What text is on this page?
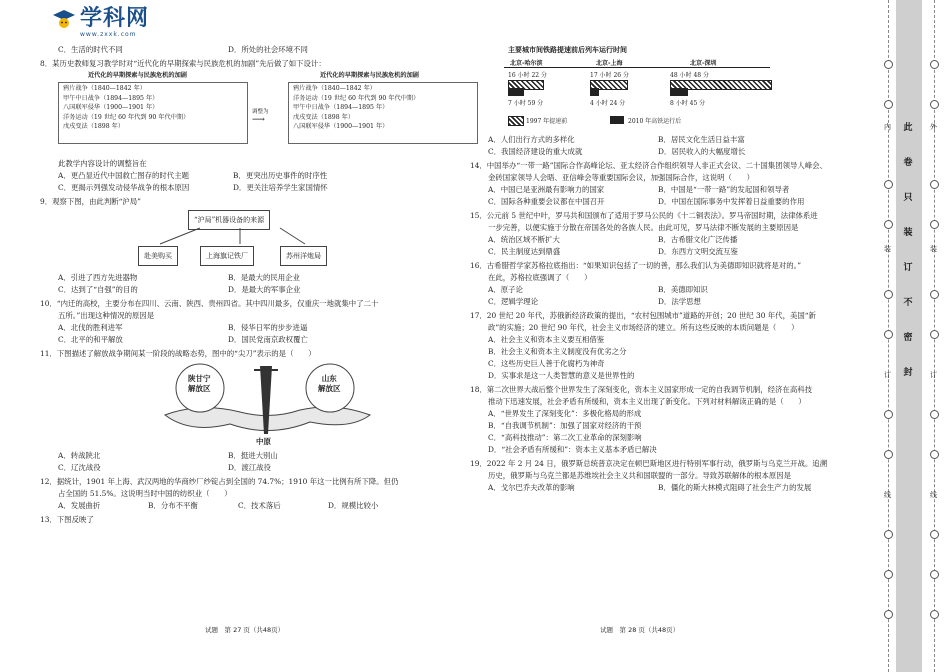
学科网
www.zxxk.com
C．生活的时代不同	D．所处的社会环境不同
8．某历史教师复习教学时对“近代化的早期探索与民族危机的加剧”先后做了如下设计：
近代化的早期探索与民族危机的加剧	近代化的早期探索与民族危机的加剧
鸦片战争（1840—1842 年）
甲午中日战争（1894—1895 年）
八国联军侵华（1900—1901 年）
洋务运动（19 世纪 60 年代到 90 年代中期）
戊戌变法（1898 年）
调整为
⟶
鸦片战争（1840—1842 年）
洋务运动（19 世纪 60 年代到 90 年代中期）
甲午中日战争（1894—1895 年）
戊戌变法（1898 年）
八国联军侵华（1900—1901 年）
此教学内容设计的调整旨在
A．更凸显近代中国救亡图存的时代主题	B．更突出历史事件的时序性
C．更揭示列强发动侵华战争的根本原因	D．更关注培养学生家国情怀
9．观察下图，由此判断“沪局”
“沪局”机器设备的来源
赴美购买	上海旗记铁厂	苏州洋炮局
A．引进了西方先进器物	B．是最大的民用企业
C．达到了“自强”的目的	D．是最大的军事企业
10．“内迁的高校，主要分布在四川、云南、陕西、贵州四省。其中四川最多，仅重庆一地就集中了二十
五所。”出现这种情况的原因是
A．北伐的胜利进军	B．侵华日军的步步进逼
C．北平的和平解放	D．国民党南京政权覆亡
11．下图描述了解放战争期间某一阶段的战略态势，图中的“尖刀”表示的是（　　）
陕甘宁
解放区
山东
解放区
中原
A．转战陕北	B．挺进大别山
C．辽沈战役	D．渡江战役
12．据统计，1901 年上海、武汉两地的华商纱厂纱锭占到全国的 74.7%；1910 年这一比例有所下降。但仍
占全国的 51.5%。这说明当时中国的纺织业（　　）
A．发展曲折	B．分布不平衡	C．技术落后	D．规模比较小
13．下图反映了
试题　第 27 页（共48页）
主要城市间铁路提速前后列车运行时间
北京-哈尔滨	北京-上海	北京-深圳
16 小时 22 分	17 小时 26 分	48 小时 48 分
7 小时 59 分	4 小时 24 分	8 小时 45 分
1997 年提速前	2010 年高铁运行后
A．人们出行方式的多样化	B．居民文化生活日益丰富
C．我国经济建设的重大成就	D．居民收入的大幅度增长
14．中国举办“一带一路”国际合作高峰论坛、亚太经济合作组织领导人非正式会议、二十国集团领导人峰会、
金砖国家领导人会晤、亚信峰会等重要国际会议，加强国际合作，这说明（　　）
A．中国已是亚洲最有影响力的国家	B．中国是“一带一路”的发起国和领导者
C．国际各种重要会议都在中国召开	D．中国在国际事务中发挥着日益重要的作用
15．公元前 5 世纪中叶，罗马共和国颁布了适用于罗马公民的《十二铜表法》。罗马帝国时期，法律体系进
一步完善，以便实施于分散在帝国各处的各族人民。由此可见，罗马法律不断发展的主要原因是
A．统治区域不断扩大	B．古希腊文化广泛传播
C．民主制度达到鼎盛	D．东西方文明交流互鉴
16．古希腊哲学家苏格拉底指出：“如果知识包括了一切的善，那么我们认为美德即知识就将是对的。”
在此，苏格拉底强调了（　　）
A．原子论	B．美德即知识
C．逻辑学理论	D．法学思想
17．20 世纪 20 年代，苏俄新经济政策的提出，“农村包围城市”道路的开创；20 世纪 30 年代，美国“新
政”的实施；20 世纪 90 年代，社会主义市场经济的建立。所有这些反映的本质问题是（　　）
A．社会主义和资本主义要互相借鉴
B．社会主义和资本主义制度没有优劣之分
C．这些历史巨人善于化腐朽为神奇
D．实事求是这一人类智慧的意义是世界性的
18．第二次世界大战后整个世界发生了深刻变化，资本主义国家形成一定的自我调节机制，经济在高科技
推动下迅速发展，社会矛盾有所缓和，资本主义出现了新变化。下列对材料解读正确的是（　　）
A．“世界发生了深刻变化”：多极化格局的形成
B．“自我调节机制”：加强了国家对经济的干预
C．“高科技推动”：第二次工业革命的深刻影响
D．“社会矛盾有所缓和”：资本主义基本矛盾已解决
19．2022 年 2 月 24 日，俄罗斯总统普京决定在顿巴斯地区进行特别军事行动，俄罗斯与乌克兰开战。追溯
历史，俄罗斯与乌克兰都是苏维埃社会主义共和国联盟的一部分。导致苏联解体的根本原因是
A．戈尔巴乔夫改革的影响	B．僵化的斯大林模式阻碍了社会生产力的发展
试题　第 28 页（共48页）
此
卷
只
装
订
不
密
封
内
装
订
线
外
装
订
线
